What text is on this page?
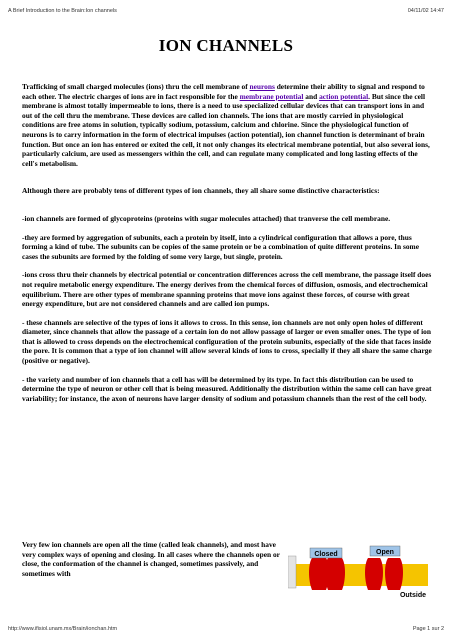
A Brief Introduction to the Brain:Ion channels	04/11/02 14:47
ION CHANNELS

Trafficking of small charged molecules (ions) thru the cell membrane of neurons determine their ability to signal and respond to each other. The electric charges of ions are in fact responsible for the membrane potential and action potential. But since the cell membrane is almost totally impermeable to ions, there is a need to use specialized cellular devices that can transport ions in and out of the cell thru the membrane. These devices are called ion channels. The ions that are mostly carried in physiological conditions are free atoms in solution, typically sodium, potassium, calcium and chlorine. Since the physiological function of neurons is to carry information in the form of electrical impulses (action potential), ion channel function is determinant of brain function. But once an ion has entered or exited the cell, it not only changes its electrical membrane potential, but also several ions, particularly calcium, are used as messengers within the cell, and can regulate many complicated and long lasting effects of the cell's metabolism.

Although there are probably tens of different types of ion channels, they all share some distinctive characteristics:

-ion channels are formed of glycoproteins (proteins with sugar molecules attached) that tranverse the cell membrane.

-they are formed by aggregation of subunits, each a protein by itself, into a cylindrical configuration that allows a pore, thus forming a kind of tube. The subunits can be copies of the same protein or be a combination of quite different proteins. In some cases the subunits are formed by the folding of some very large, but single, protein.

-ions cross thru their channels by electrical potential or concentration differences across the cell membrane, the passage itself does not require metabolic energy expenditure. The energy derives from the chemical forces of diffusion, osmosis, and electrochemical equilibrium. There are other types of membrane spanning proteins that move ions against these forces, of course with great energy expenditure, but are not considered channels and are called ion pumps.

- these channels are selective of the types of ions it allows to cross. In this sense, ion channels are not only open holes of different diameter, since channels that allow the passage of a certain ion do not allow passage of larger or even smaller ones. The type of ion that is allowed to cross depends on the electrochemical configuration of the protein subunits, especially of the side that faces inside the pore. It is common that a type of ion channel will allow several kinds of ions to cross, specially if they all share the same charge (positive or negative).

- the variety and number of ion channels that a cell has will be determined by its type. In fact this distribution can be used to determine the type of neuron or other cell that is being measured. Additionally the distribution within the same cell can have great variability; for instance, the axon of neurons have larger density of sodium and potassium channels than the rest of the cell body.

Very few ion channels are open all the time (called leak channels), and most have very complex ways of opening and closing. In all cases where the channels open or close, the conformation of the channel is changed, sometimes passively, and sometimes with
Closed	Open
Outside
http://www.ifisiol.unam.mx/Brain/ionchan.htm	Page 1 sur 2
